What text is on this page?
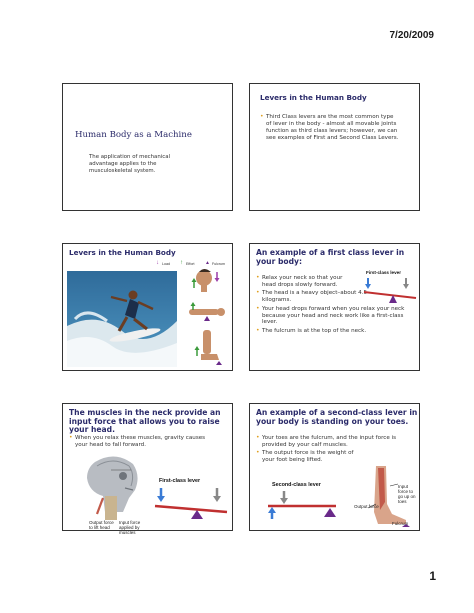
7/20/2009
Human Body as a Machine
The application of mechanical advantage applies to the musculoskeletal system.
Levers in the Human Body
• Third Class levers are the most common type of lever in the body - almost all movable joints function as third class levers; however, we can see examples of First and Second Class Levers.
Levers in the Human Body
↓ Load ↑ Effort ▲ Fulcrum
An example of a first class lever in your body:
• Relax your neck so that your head drops slowly forward.
• The head is a heavy object–about 4.5 kilograms.
• Your head drops forward when you relax your neck because your head and neck work like a first-class lever.
• The fulcrum is at the top of the neck.
First-class lever
The muscles in the neck provide an input force that allows you to raise your head.
• When you relax these muscles, gravity causes your head to fall forward.
Output force to lift head
Input force applied by muscles
First-class lever
An example of a second-class lever in your body is standing on your toes.
• Your toes are the fulcrum, and the input force is provided by your calf muscles.
• The output force is the weight of your foot being lifted.
Second-class lever	Input force to go up on toes
Output force
Fulcrum
1
